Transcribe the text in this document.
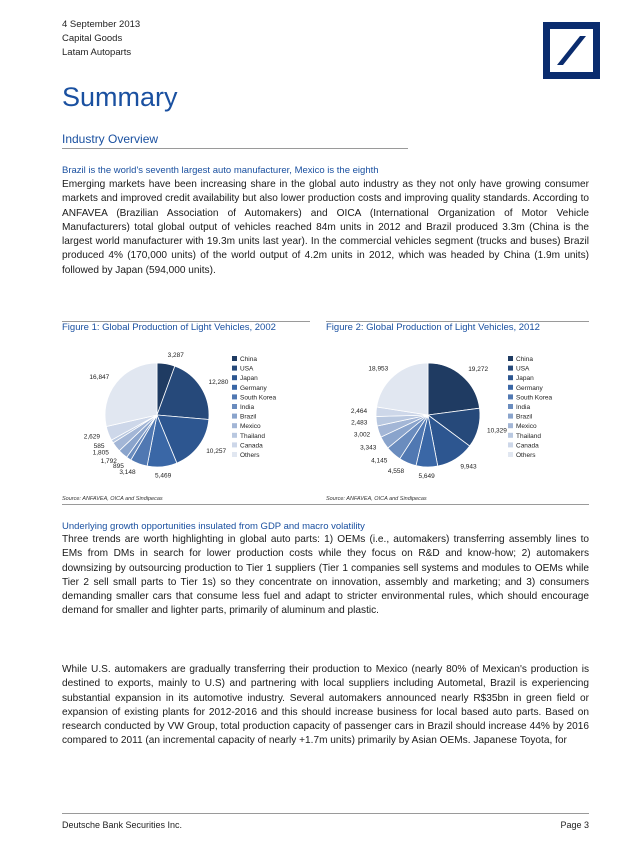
4 September 2013
Capital Goods
Latam Autoparts
Summary
Industry Overview
Brazil is the world's seventh largest auto manufacturer, Mexico is the eighth
Emerging markets have been increasing share in the global auto industry as they not only have growing consumer markets and improved credit availability but also lower production costs and improving quality standards. According to ANFAVEA (Brazilian Association of Automakers) and OICA (International Organization of Motor Vehicle Manufacturers) total global output of vehicles reached 84m units in 2012 and Brazil produced 3.3m (China is the largest world manufacturer with 19.3m units last year). In the commercial vehicles segment (trucks and buses) Brazil produced 4% (170,000 units) of the world output of 4.2m units in 2012, which was headed by China (1.9m units) followed by Japan (594,000 units).
Figure 1: Global Production of Light Vehicles, 2002
3,287
12,280
10,257
5,469
3,148
895
1,792
1,805
585
2,629
16,847
China
USA
Japan
Germany
South Korea
India
Brazil
Mexico
Thailand
Canada
Others
Source: ANFAVEA, OICA and Sindipecas
Figure 2: Global Production of Light Vehicles, 2012
19,272
10,329
9,943
5,649
4,558
4,145
3,343
3,002
2,483
2,464
18,953
China
USA
Japan
Germany
South Korea
India
Brazil
Mexico
Thailand
Canada
Others
Source: ANFAVEA, OICA and Sindipecas
Underlying growth opportunities insulated from GDP and macro volatility
Three trends are worth highlighting in global auto parts: 1) OEMs (i.e., automakers) transferring assembly lines to EMs from DMs in search for lower production costs while they focus on R&D and know-how; 2) automakers downsizing by outsourcing production to Tier 1 suppliers (Tier 1 companies sell systems and modules to OEMs while Tier 2 sell small parts to Tier 1s) so they concentrate on innovation, assembly and marketing; and 3) consumers demanding smaller cars that consume less fuel and adapt to stricter environmental rules, which should encourage demand for smaller and lighter parts, primarily of aluminum and plastic.
While U.S. automakers are gradually transferring their production to Mexico (nearly 80% of Mexican's production is destined to exports, mainly to U.S) and partnering with local suppliers including Autometal, Brazil is experiencing substantial expansion in its automotive industry. Several automakers announced nearly R$35bn in green field or expansion of existing plants for 2012-2016 and this should increase business for local based auto parts. Based on research conducted by VW Group, total production capacity of passenger cars in Brazil should increase 44% by 2016 compared to 2011 (an incremental capacity of nearly +1.7m units) primarily by Asian OEMs. Japanese Toyota, for
Deutsche Bank Securities Inc.	Page 3
